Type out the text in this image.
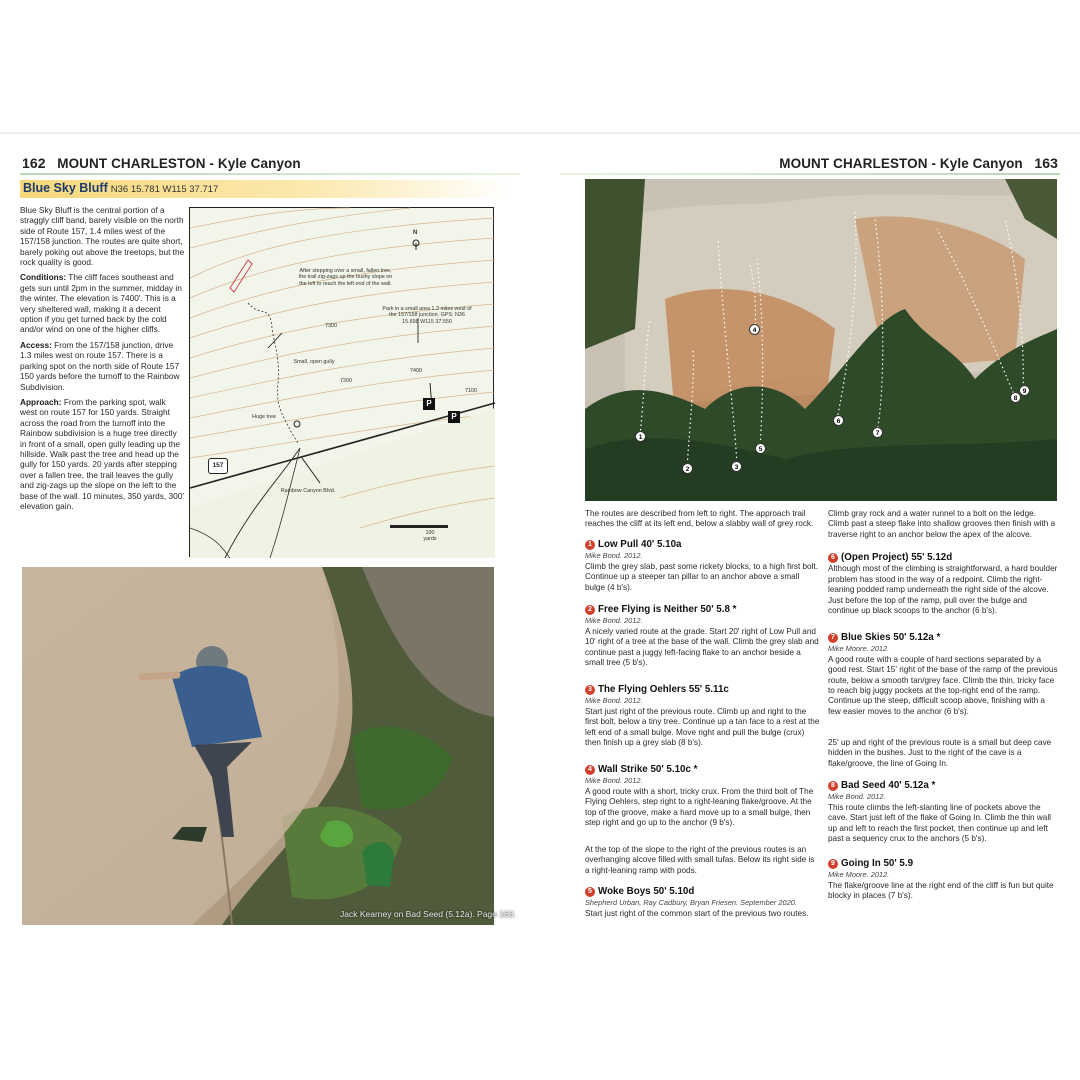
162 MOUNT CHARLESTON - Kyle Canyon
Blue Sky Bluff N36 15.781 W115 37.717

Blue Sky Bluff is the central portion of a straggly cliff band, barely visible on the north side of Route 157, 1.4 miles west of the 157/158 junction. The routes are quite short, barely poking out above the treetops, but the rock quality is good.

Conditions: The cliff faces southeast and gets sun until 2pm in the summer, midday in the winter. The elevation is 7400'. This is a very sheltered wall, making it a decent option if you get turned back by the cold and/or wind on one of the higher cliffs.

Access: From the 157/158 junction, drive 1.3 miles west on route 157. There is a parking spot on the north side of Route 157 150 yards before the turnoff to the Rainbow Subdivision.

Approach: From the parking spot, walk west on route 157 for 150 yards. Straight across the road from the turnoff into the Rainbow subdivision is a huge tree directly in front of a small, open gully leading up the hillside. Walk past the tree and head up the gully for 150 yards. 20 yards after stepping over a fallen tree, the trail leaves the gully and zig-zags up the slope on the left to the base of the wall. 10 minutes, 350 yards, 300' elevation gain.

After stepping over a small, fallen tree, the trail zig-zags up the bushy slope on the left to reach the left end of the wall.
Park in a small area 1.3 miles west of the 157/158 junction. GPS: N36 15.698 W115 37.550
Small, open gully
Huge tree
Rainbow Canyon Blvd.
7400
7300
7200
7100
N
P
P
157
100 yards
Jack Kearney on Bad Seed (5.12a). Page 163.
MOUNT CHARLESTON - Kyle Canyon 163
1
2	3
4
5
6
7
8
9
The routes are described from left to right. The approach trail reaches the cliff at its left end, below a slabby wall of grey rock.
1 Low Pull 40' 5.10a
Mike Bond. 2012.

Climb the grey slab, past some rickety blocks, to a high first bolt. Continue up a steeper tan pillar to an anchor above a small bulge (4 b's).

2 Free Flying is Neither 50' 5.8 *
Mike Bond. 2012.

A nicely varied route at the grade. Start 20' right of Low Pull and 10' right of a tree at the base of the wall. Climb the grey slab and continue past a juggy left-facing flake to an anchor beside a small tree (5 b's).

3 The Flying Oehlers 55' 5.11c
Mike Bond. 2012.

Start just right of the previous route. Climb up and right to the first bolt, below a tiny tree. Continue up a tan face to a rest at the left end of a small bulge. Move right and pull the bulge (crux) then finish up a grey slab (8 b's).

4 Wall Strike 50' 5.10c *
Mike Bond. 2012.

A good route with a short, tricky crux. From the third bolt of The Flying Oehlers, step right to a right-leaning flake/groove. At the top of the groove, make a hard move up to a small bulge, then step right and go up to the anchor (9 b's).

At the top of the slope to the right of the previous routes is an overhanging alcove filled with small tufas. Below its right side is a right-leaning ramp with pods.
5 Woke Boys 50' 5.10d
Shepherd Urban, Ray Cadbury, Bryan Friesen. September 2020.

Start just right of the common start of the previous two routes.

Climb gray rock and a water runnel to a bolt on the ledge. Climb past a steep flake into shallow grooves then finish with a traverse right to an anchor below the apex of the alcove.
6 (Open Project) 55' 5.12d

Although most of the climbing is straightforward, a hard boulder problem has stood in the way of a redpoint. Climb the right-leaning podded ramp underneath the right side of the alcove. Just before the top of the ramp, pull over the bulge and continue up black scoops to the anchor (6 b's).

7 Blue Skies 50' 5.12a *
Mike Moore. 2012.

A good route with a couple of hard sections separated by a good rest. Start 15' right of the base of the ramp of the previous route, below a smooth tan/grey face. Climb the thin, tricky face to reach big juggy pockets at the top-right end of the ramp. Continue up the steep, difficult scoop above, finishing with a few easier moves to the anchor (6 b's).

25' up and right of the previous route is a small but deep cave hidden in the bushes. Just to the right of the cave is a flake/groove, the line of Going In.
8 Bad Seed 40' 5.12a *
Mike Bond. 2012.

This route climbs the left-slanting line of pockets above the cave. Start just left of the flake of Going In. Climb the thin wall up and left to reach the first pocket, then continue up and left past a sequency crux to the anchors (5 b's).

9 Going In 50' 5.9
Mike Moore. 2012.

The flake/groove line at the right end of the cliff is fun but quite blocky in places (7 b's).
